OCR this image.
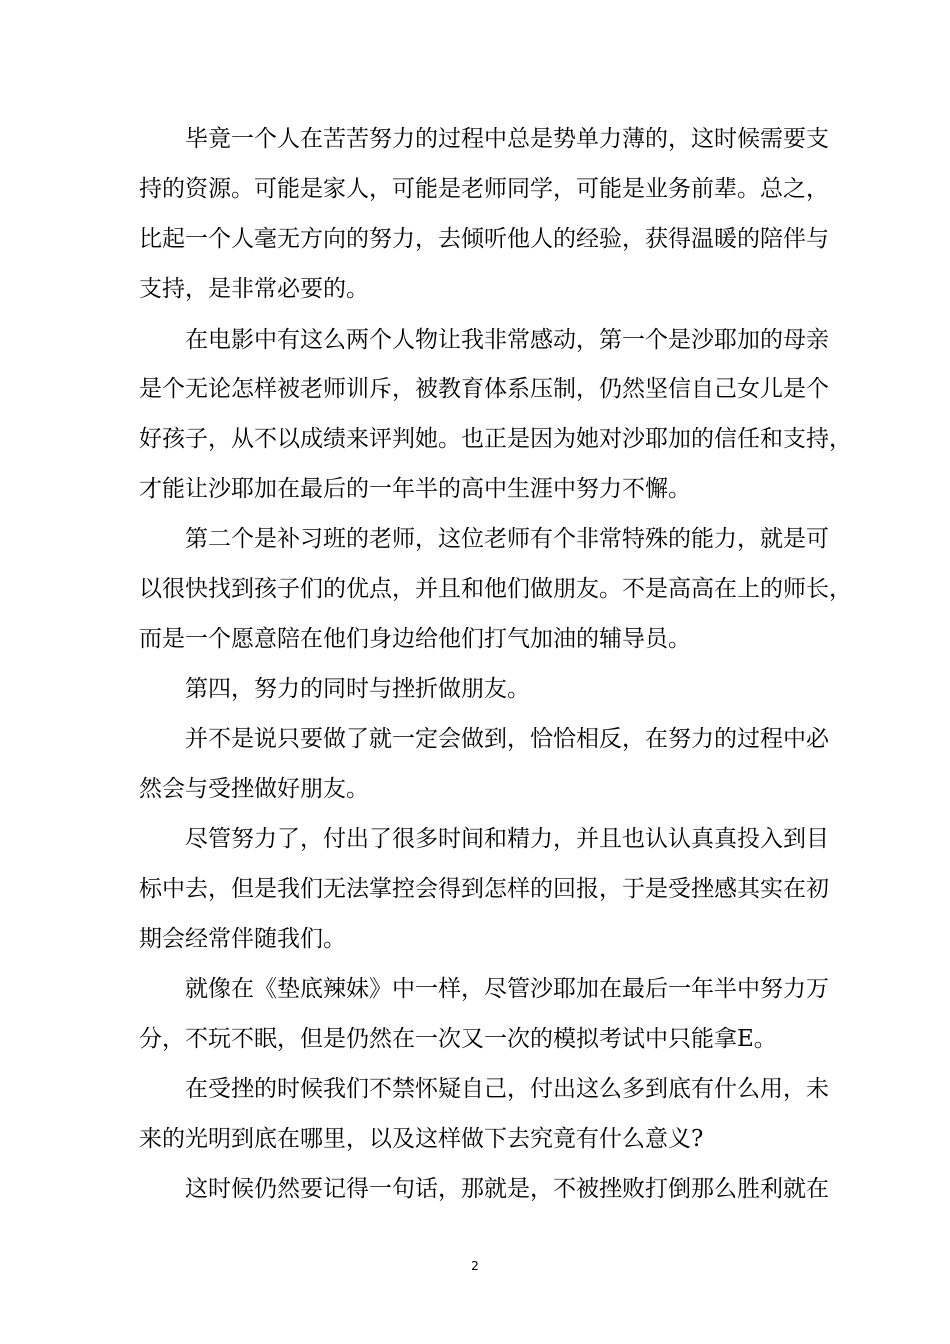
毕竟一个人在苦苦努力的过程中总是势单力薄的，这时候需要支
持的资源。可能是家人，可能是老师同学，可能是业务前辈。总之，
比起一个人毫无方向的努力，去倾听他人的经验，获得温暖的陪伴与
支持，是非常必要的。
在电影中有这么两个人物让我非常感动，第一个是沙耶加的母亲
是个无论怎样被老师训斥，被教育体系压制，仍然坚信自己女儿是个
好孩子，从不以成绩来评判她。也正是因为她对沙耶加的信任和支持，
才能让沙耶加在最后的一年半的高中生涯中努力不懈。
第二个是补习班的老师，这位老师有个非常特殊的能力，就是可
以很快找到孩子们的优点，并且和他们做朋友。不是高高在上的师长，
而是一个愿意陪在他们身边给他们打气加油的辅导员。
第四，努力的同时与挫折做朋友。
并不是说只要做了就一定会做到，恰恰相反，在努力的过程中必
然会与受挫做好朋友。
尽管努力了，付出了很多时间和精力，并且也认认真真投入到目
标中去，但是我们无法掌控会得到怎样的回报，于是受挫感其实在初
期会经常伴随我们。
就像在《垫底辣妹》中一样，尽管沙耶加在最后一年半中努力万
分，不玩不眠，但是仍然在一次又一次的模拟考试中只能拿E。
在受挫的时候我们不禁怀疑自己，付出这么多到底有什么用，未
来的光明到底在哪里，以及这样做下去究竟有什么意义?
这时候仍然要记得一句话，那就是，不被挫败打倒那么胜利就在
2
